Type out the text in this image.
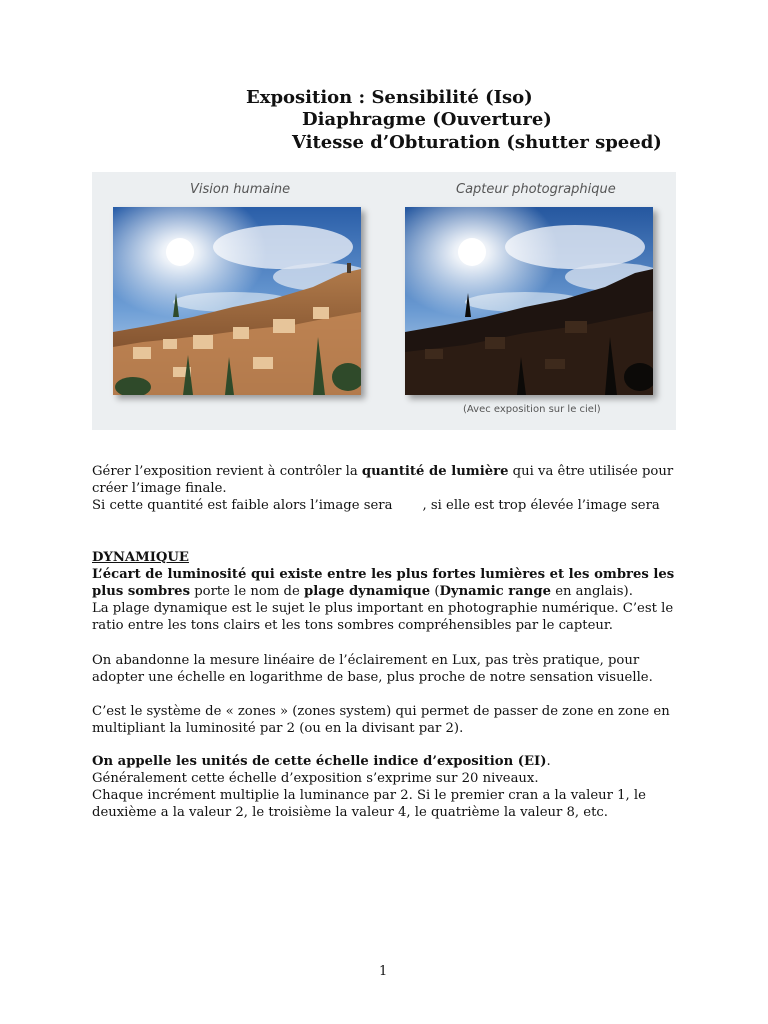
Exposition : Sensibilité (Iso)
Diaphragme (Ouverture)
Vitesse d’Obturation (shutter speed)
Vision humaine	Capteur photographique
(Avec exposition sur le ciel)
Gérer l’exposition revient à contrôler la quantité de lumière qui va être utilisée pour
créer l’image finale.
Si cette quantité est faible alors l’image sera , si elle est trop élevée l’image sera
DYNAMIQUE
L’écart de luminosité qui existe entre les plus fortes lumières et les ombres les
plus sombres porte le nom de plage dynamique (Dynamic range en anglais).
La plage dynamique est le sujet le plus important en photographie numérique. C’est le
ratio entre les tons clairs et les tons sombres compréhensibles par le capteur.
On abandonne la mesure linéaire de l’éclairement en Lux, pas très pratique, pour
adopter une échelle en logarithme de base, plus proche de notre sensation visuelle.
C’est le système de « zones » (zones system) qui permet de passer de zone en zone en
multipliant la luminosité par 2 (ou en la divisant par 2).
On appelle les unités de cette échelle indice d’exposition (EI).
Généralement cette échelle d’exposition s’exprime sur 20 niveaux.
Chaque incrément multiplie la luminance par 2. Si le premier cran a la valeur 1, le
deuxième a la valeur 2, le troisième la valeur 4, le quatrième la valeur 8, etc.
1
